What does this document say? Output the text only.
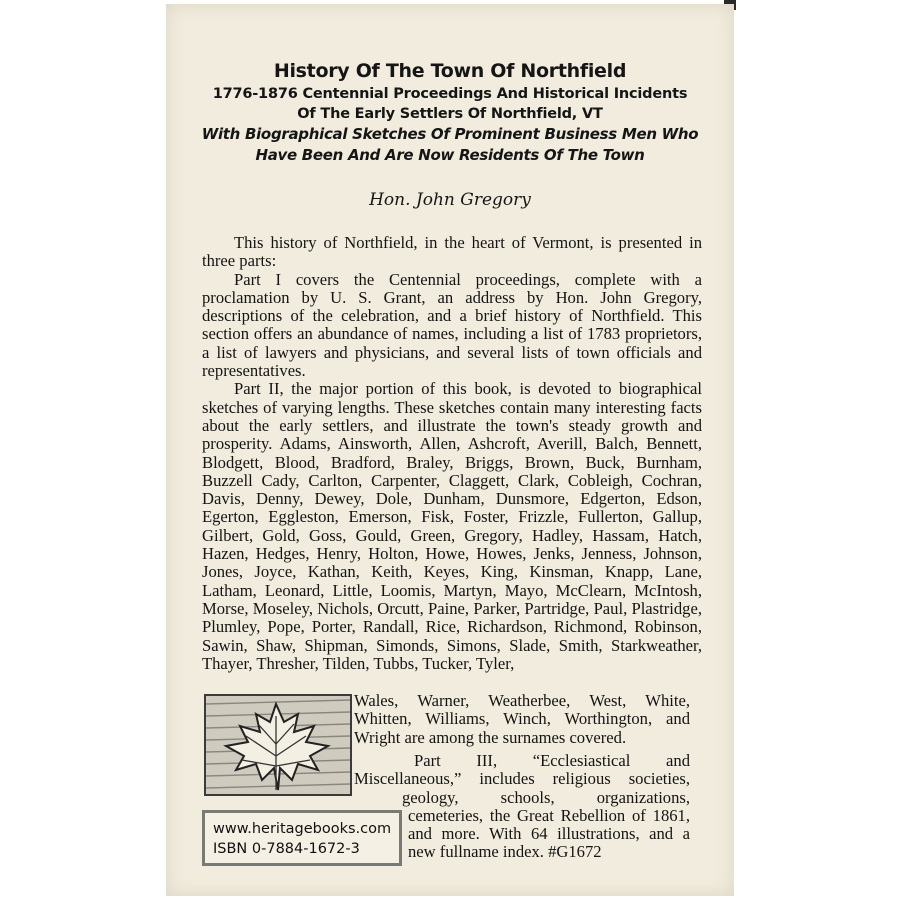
History Of The Town Of Northfield
1776-1876 Centennial Proceedings And Historical Incidents
Of The Early Settlers Of Northfield, VT
With Biographical Sketches Of Prominent Business Men Who
Have Been And Are Now Residents Of The Town
Hon. John Gregory

This history of Northfield, in the heart of Vermont, is presented in three parts:

Part I covers the Centennial proceedings, complete with a proclamation by U. S. Grant, an address by Hon. John Gregory, descriptions of the celebration, and a brief history of Northfield. This section offers an abundance of names, including a list of 1783 proprietors, a list of lawyers and physicians, and several lists of town officials and representatives.

Part II, the major portion of this book, is devoted to biographical sketches of varying lengths. These sketches contain many interesting facts about the early settlers, and illustrate the town's steady growth and prosperity. Adams, Ainsworth, Allen, Ashcroft, Averill, Balch, Bennett, Blodgett, Blood, Bradford, Braley, Briggs, Brown, Buck, Burnham, Buzzell Cady, Carlton, Carpenter, Claggett, Clark, Cobleigh, Cochran, Davis, Denny, Dewey, Dole, Dunham, Dunsmore, Edgerton, Edson, Egerton, Eggleston, Emerson, Fisk, Foster, Frizzle, Fullerton, Gallup, Gilbert, Gold, Goss, Gould, Green, Gregory, Hadley, Hassam, Hatch, Hazen, Hedges, Henry, Holton, Howe, Howes, Jenks, Jenness, Johnson, Jones, Joyce, Kathan, Keith, Keyes, King, Kinsman, Knapp, Lane, Latham, Leonard, Little, Loomis, Martyn, Mayo, McClearn, McIntosh, Morse, Moseley, Nichols, Orcutt, Paine, Parker, Partridge, Paul, Plastridge, Plumley, Pope, Porter, Randall, Rice, Richardson, Richmond, Robinson, Sawin, Shaw, Shipman, Simonds, Simons, Slade, Smith, Starkweather, Thayer, Thresher, Tilden, Tubbs, Tucker, Tyler,

Wales, Warner, Weatherbee, West, White, Whitten, Williams, Winch, Worthington, and Wright are among the surnames covered.

Part III, “Ecclesiastical and
Miscellaneous,” includes religious societies,
geology, schools, organizations,
cemeteries, the Great Rebellion of 1861,
and more. With 64 illustrations, and a
new fullname index. #G1672
www.heritagebooks.com
ISBN 0-7884-1672-3
